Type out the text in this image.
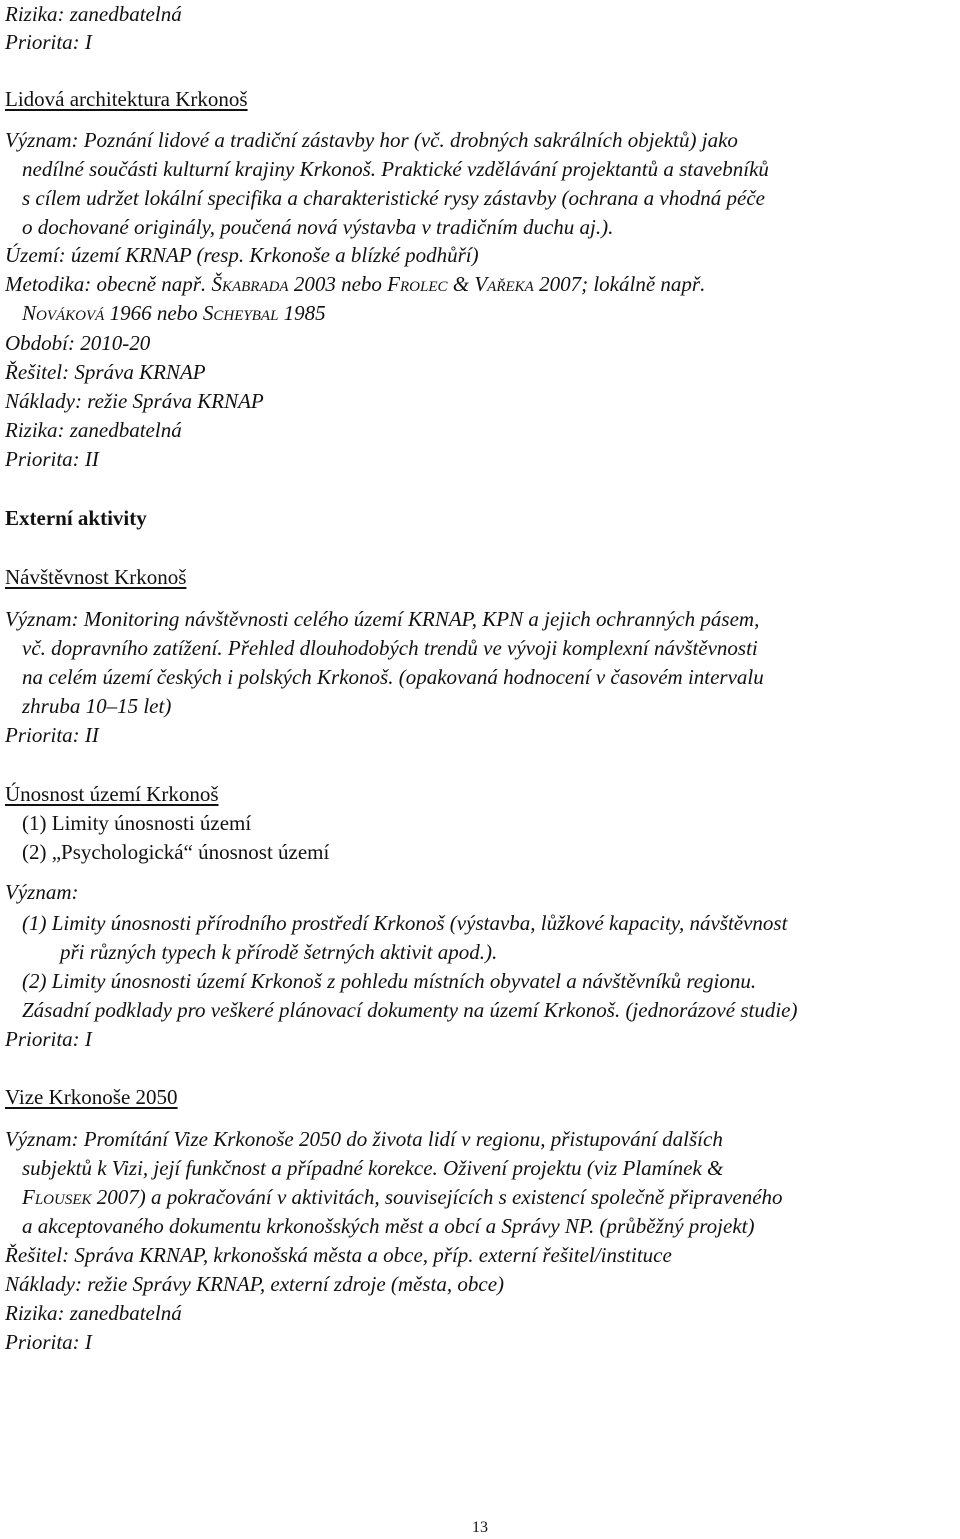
Rizika: zanedbatelná
Priorita: I
Lidová architektura Krkonoš
Význam: Poznání lidové a tradiční zástavby hor (vč. drobných sakrálních objektů) jako
nedílné součásti kulturní krajiny Krkonoš. Praktické vzdělávání projektantů a stavebníků
s cílem udržet lokální specifika a charakteristické rysy zástavby (ochrana a vhodná péče
o dochované originály, poučená nová výstavba v tradičním duchu aj.).
Území: území KRNAP (resp. Krkonoše a blízké podhůří)
Metodika: obecně např. Škabrada 2003 nebo Frolec & Vařeka 2007; lokálně např.
Nováková 1966 nebo Scheybal 1985
Období: 2010-20
Řešitel: Správa KRNAP
Náklady: režie Správa KRNAP
Rizika: zanedbatelná
Priorita: II
Externí aktivity
Návštěvnost Krkonoš
Význam: Monitoring návštěvnosti celého území KRNAP, KPN a jejich ochranných pásem,
vč. dopravního zatížení. Přehled dlouhodobých trendů ve vývoji komplexní návštěvnosti
na celém území českých i polských Krkonoš. (opakovaná hodnocení v časovém intervalu
zhruba 10–15 let)
Priorita: II
Únosnost území Krkonoš
(1) Limity únosnosti území
(2) „Psychologická“ únosnost území
Význam:
(1) Limity únosnosti přírodního prostředí Krkonoš (výstavba, lůžkové kapacity, návštěvnost
při různých typech k přírodě šetrných aktivit apod.).
(2) Limity únosnosti území Krkonoš z pohledu místních obyvatel a návštěvníků regionu.
Zásadní podklady pro veškeré plánovací dokumenty na území Krkonoš. (jednorázové studie)
Priorita: I
Vize Krkonoše 2050
Význam: Promítání Vize Krkonoše 2050 do života lidí v regionu, přistupování dalších
subjektů k Vizi, její funkčnost a případné korekce. Oživení projektu (viz Plamínek &
Flousek 2007) a pokračování v aktivitách, souvisejících s existencí společně připraveného
a akceptovaného dokumentu krkonošských měst a obcí a Správy NP. (průběžný projekt)
Řešitel: Správa KRNAP, krkonošská města a obce, příp. externí řešitel/instituce
Náklady: režie Správy KRNAP, externí zdroje (města, obce)
Rizika: zanedbatelná
Priorita: I
13
